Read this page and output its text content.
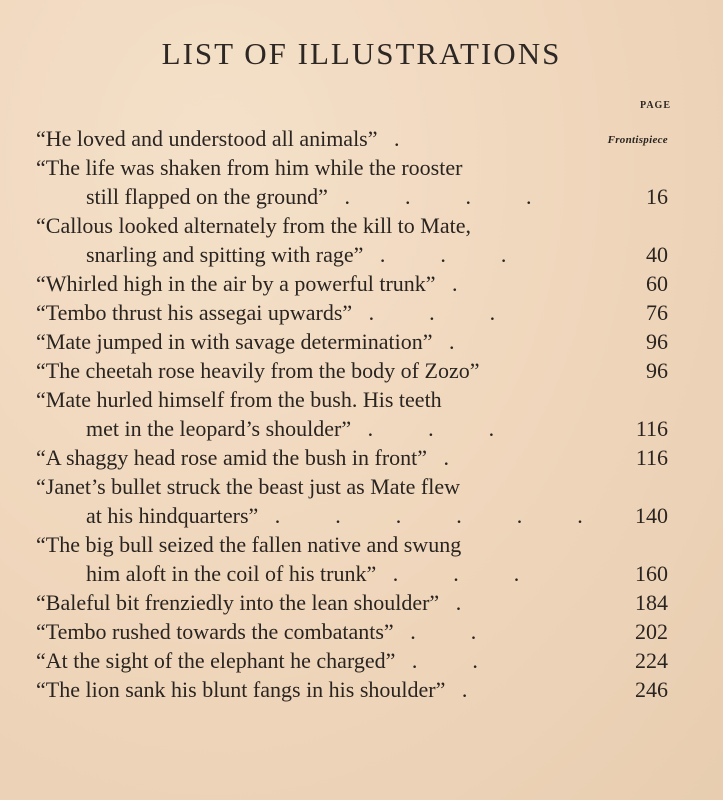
LIST OF ILLUSTRATIONS
PAGE
“He loved and understood all animals”   .	Frontispiece
“The life was shaken from him while the rooster
still flapped on the ground”   .          .          .          .	16
“Callous looked alternately from the kill to Mate,
snarling and spitting with rage”   .          .          .	40
“Whirled high in the air by a powerful trunk”   .	60
“Tembo thrust his assegai upwards”   .          .          .	76
“Mate jumped in with savage determination”   .	96
“The cheetah rose heavily from the body of Zozo”	96
“Mate hurled himself from the bush. His teeth
met in the leopard’s shoulder”   .          .          .	116
“A shaggy head rose amid the bush in front”   .	116
“Janet’s bullet struck the beast just as Mate flew
at his hindquarters”   .          .          .          .          .          . 140
“The big bull seized the fallen native and swung
him aloft in the coil of his trunk”   .          .          .	160
“Baleful bit frenziedly into the lean shoulder”   .	184
“Tembo rushed towards the combatants”   .          .	202
“At the sight of the elephant he charged”   .          .	224
“The lion sank his blunt fangs in his shoulder”   .	246
